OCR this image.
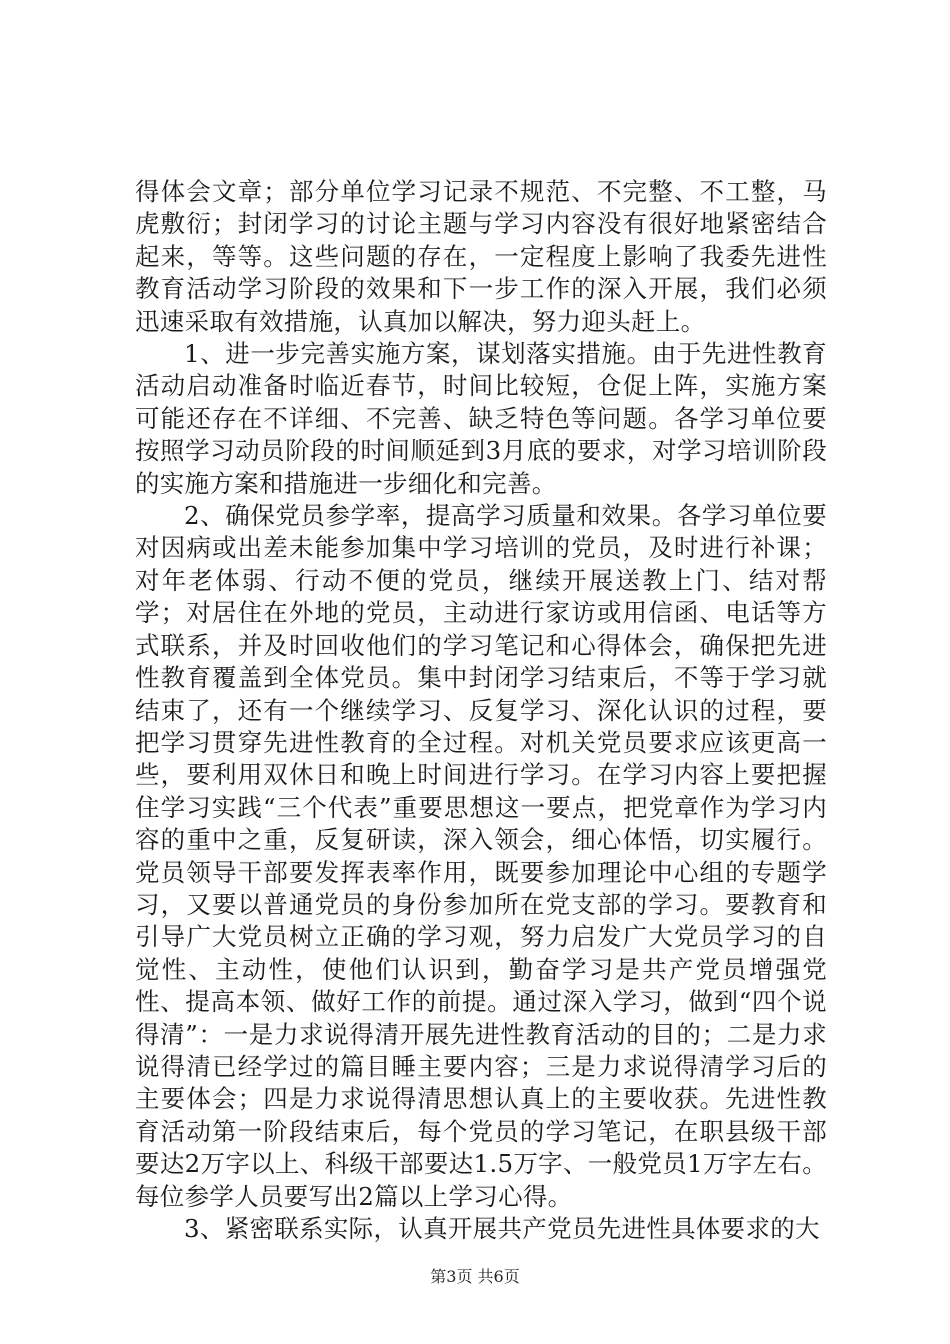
得体会文章；部分单位学习记录不规范、不完整、不工整，马虎敷衍；封闭学习的讨论主题与学习内容没有很好地紧密结合起来，等等。这些问题的存在，一定程度上影响了我委先进性教育活动学习阶段的效果和下一步工作的深入开展，我们必须迅速采取有效措施，认真加以解决，努力迎头赶上。

1、进一步完善实施方案，谋划落实措施。由于先进性教育活动启动准备时临近春节，时间比较短，仓促上阵，实施方案可能还存在不详细、不完善、缺乏特色等问题。各学习单位要按照学习动员阶段的时间顺延到3月底的要求，对学习培训阶段的实施方案和措施进一步细化和完善。

2、确保党员参学率，提高学习质量和效果。各学习单位要对因病或出差未能参加集中学习培训的党员，及时进行补课；对年老体弱、行动不便的党员，继续开展送教上门、结对帮学；对居住在外地的党员，主动进行家访或用信函、电话等方式联系，并及时回收他们的学习笔记和心得体会，确保把先进性教育覆盖到全体党员。集中封闭学习结束后，不等于学习就结束了，还有一个继续学习、反复学习、深化认识的过程，要把学习贯穿先进性教育的全过程。对机关党员要求应该更高一些，要利用双休日和晚上时间进行学习。在学习内容上要把握住学习实践“三个代表”重要思想这一要点，把党章作为学习内容的重中之重，反复研读，深入领会，细心体悟，切实履行。党员领导干部要发挥表率作用，既要参加理论中心组的专题学习，又要以普通党员的身份参加所在党支部的学习。要教育和引导广大党员树立正确的学习观，努力启发广大党员学习的自觉性、主动性，使他们认识到，勤奋学习是共产党员增强党性、提高本领、做好工作的前提。通过深入学习，做到“四个说得清”：一是力求说得清开展先进性教育活动的目的；二是力求说得清已经学过的篇目睡主要内容；三是力求说得清学习后的主要体会；四是力求说得清思想认真上的主要收获。先进性教育活动第一阶段结束后，每个党员的学习笔记，在职县级干部要达2万字以上、科级干部要达1.5万字、一般党员1万字左右。每位参学人员要写出2篇以上学习心得。

3、紧密联系实际，认真开展共产党员先进性具体要求的大

第3页 共6页
